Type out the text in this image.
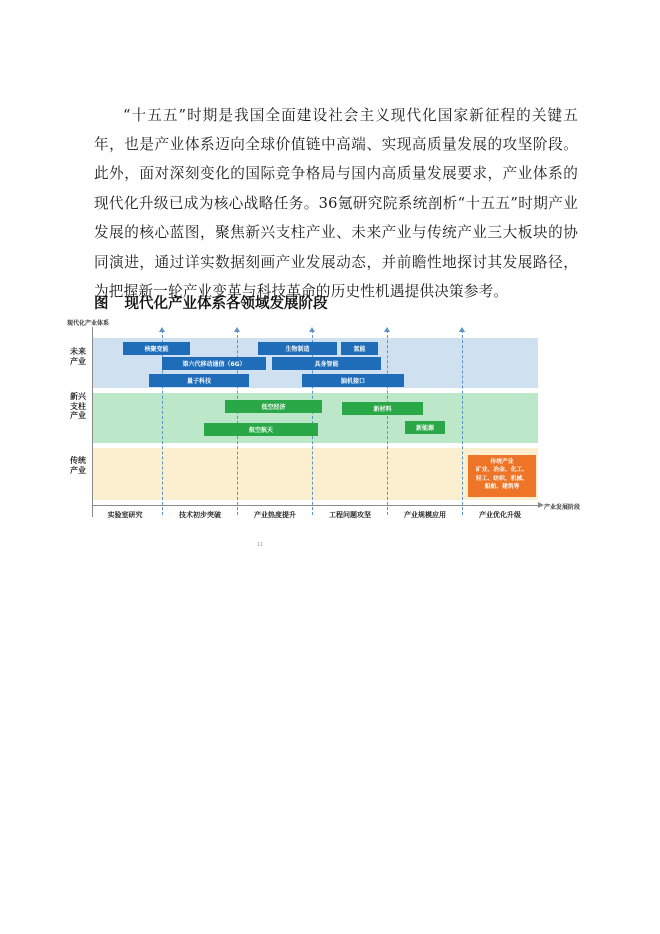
“十五五”时期是我国全面建设社会主义现代化国家新征程的关键五年，也是产业体系迈向全球价值链中高端、实现高质量发展的攻坚阶段。此外，面对深刻变化的国际竞争格局与国内高质量发展要求，产业体系的现代化升级已成为核心战略任务。36氪研究院系统剖析“十五五”时期产业发展的核心蓝图，聚焦新兴支柱产业、未来产业与传统产业三大板块的协同演进，通过详实数据刻画产业发展动态，并前瞻性地探讨其发展路径，为把握新一轮产业变革与科技革命的历史性机遇提供决策参考。

图 现代化产业体系各领域发展阶段
现代化产业体系
未来产业
新兴支柱产业
传统产业
核聚变能	生物制造	氢能
第六代移动通信（6G）	具身智能
量子科技	脑机接口
低空经济	新材料
航空航天	新能源
传统产业
矿业、冶金、化工、
轻工、纺织、机械、
船舶、建筑等
产业发展阶段
实验室研究	技术初步突破	产业热度提升	工程问题攻坚	产业规模应用	产业优化升级
11
